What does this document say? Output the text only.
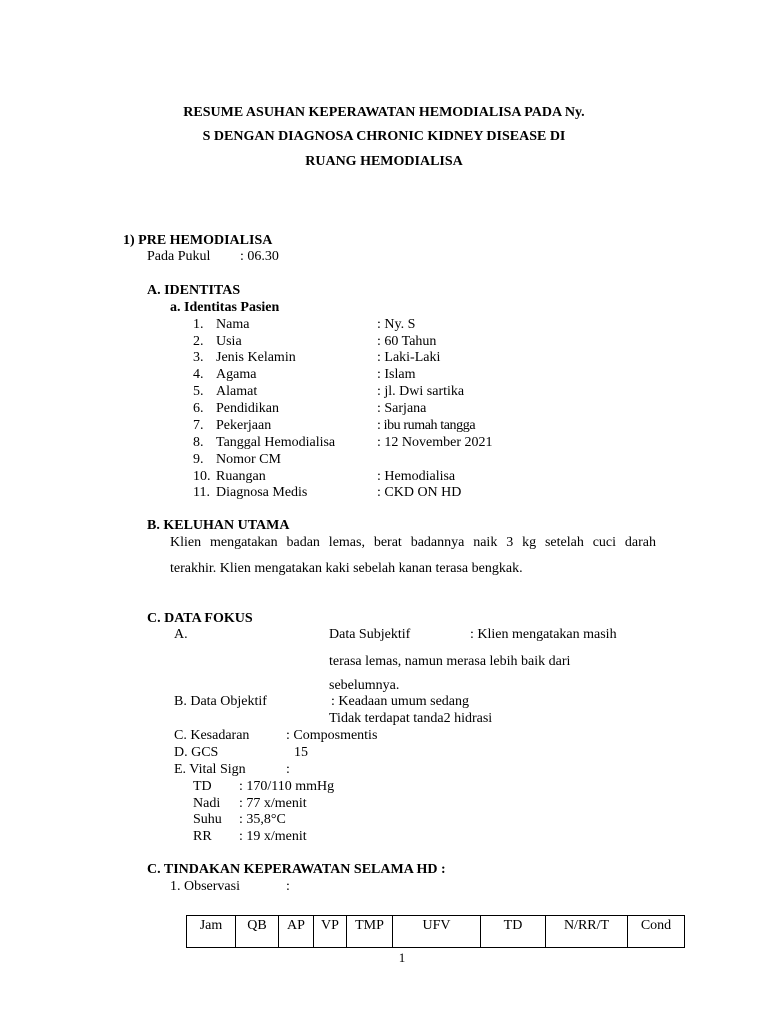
RESUME ASUHAN KEPERAWATAN HEMODIALISA PADA Ny.
S DENGAN DIAGNOSA CHRONIC KIDNEY DISEASE DI
RUANG HEMODIALISA
1) PRE HEMODIALISA
Pada Pukul : 06.30
A. IDENTITAS
a. Identitas Pasien
1. Nama	: Ny. S
2. Usia	: 60 Tahun
3. Jenis Kelamin	: Laki-Laki
4. Agama	: Islam
5. Alamat	: jl. Dwi sartika
6. Pendidikan	: Sarjana
7. Pekerjaan	: ibu rumah tangga
8. Tanggal Hemodialisa	: 12 November 2021
9. Nomor CM
10. Ruangan	: Hemodialisa
11. Diagnosa Medis	: CKD ON HD
B. KELUHAN UTAMA
Klien mengatakan badan lemas, berat badannya naik 3 kg setelah cuci darah
terakhir. Klien mengatakan kaki sebelah kanan terasa bengkak.
C. DATA FOKUS
A.	Data Subjektif	: Klien mengatakan masih
terasa lemas, namun merasa lebih baik dari
sebelumnya.
B. Data Objektif	: Keadaan umum sedang
Tidak terdapat tanda2 hidrasi
C. Kesadaran	: Composmentis
D. GCS	15
E. Vital Sign	:
TD : 170/110 mmHg
Nadi : 77 x/menit
Suhu : 35,8°C
RR : 19 x/menit
C. TINDAKAN KEPERAWATAN SELAMA HD :
1. Observasi	:
Jam	QB	AP	VP	TMP	UFV	TD	N/RR/T	Cond
1
